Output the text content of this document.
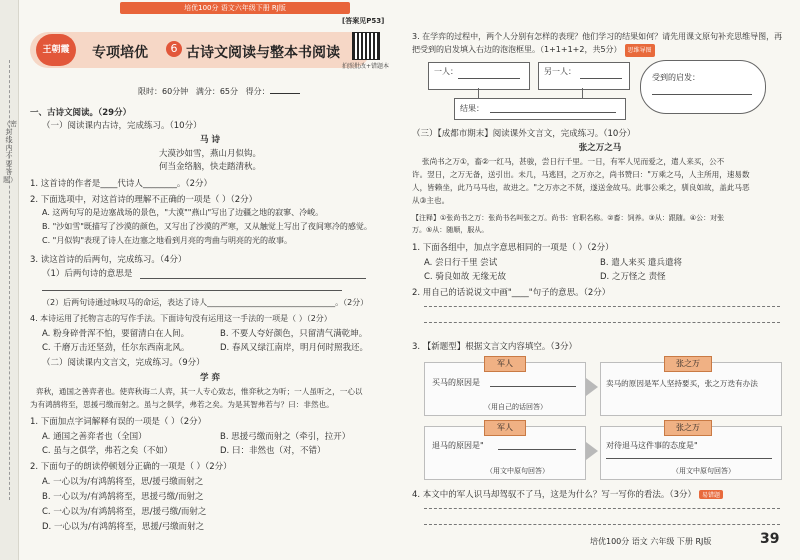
（密封线内不要答题）
培优100分 语文六年级下册 RJ版
[答案见P53]
王朝霞	专项培优	6 古诗文阅读与整本书阅读
拍照批改+错题本
限时：60分钟 满分：65分 得分：
一、古诗文阅读。（29分）
（一）阅读课内古诗，完成练习。（10分）
马 诗
大漠沙如雪，燕山月似钩。
何当金络脑，快走踏清秋。
1. 这首诗的作者是____代诗人________。（2分）
2. 下面选项中，对这首诗的理解不正确的一项是（ ）（2分）
A. 这两句写的是边塞战场的景色，"大漠""燕山"写出了边疆之地的寂寥、冷峻。
B. "沙如雪"既描写了沙漠的颜色，又写出了沙漠的严寒，又从触觉上写出了夜间寒冷的感觉。
C. "月似钩"表现了诗人在边塞之地看到月亮的弯曲与明亮的光的故事。
3. 读这首诗的后两句，完成练习。（4分）
（1）后两句诗的意思是
（2）后两句诗通过咏叹马的命运，表达了诗人________________________________。（2分）
4. 本诗运用了托物言志的写作手法。下面诗句没有运用这一手法的一项是（ ）（2分）
A. 粉身碎骨浑不怕，要留清白在人间。	B. 不要人夸好颜色，只留清气满乾坤。
C. 千磨万击还坚劲，任尔东西南北风。	D. 春风又绿江南岸，明月何时照我还。
（二）阅读课内文言文，完成练习。（9分）
学 弈
弈秋，通国之善弈者也。使弈秋诲二人弈，其一人专心致志，惟弈秋之为听；一人虽听之，一心以
为有鸿鹄将至，思援弓缴而射之。虽与之俱学，弗若之矣。为是其智弗若与？曰：非然也。
1. 下面加点字词解释有误的一项是（ ）（2分）
A. 通国之善弈者也（全国）	B. 思援弓缴而射之（牵引，拉开）
C. 虽与之俱学，弗若之矣（不如）	D. 曰：非然也（对，不错）
2. 下面句子的朗读停顿划分正确的一项是（ ）（2分）
A. 一心以为/有鸿鹄将至，思/援弓缴而射之
B. 一心以为/有鸿鹄将至，思援弓缴/而射之
C. 一心以为/有鸿鹄将至，思/援弓缴/而射之
D. 一心以为/有鸿鹄将至，思援/弓缴而射之
3. 在学弈的过程中，两个人分别有怎样的表现？他们学习的结果如何？请先用课文原句补充思维导图，再把受到的启发填入右边的泡泡框里。（1+1+1+2，共5分） 思维导图
一人：	另一人：
结果：
受到的启发：
（三）【成都市期末】阅读课外文言文，完成练习。（10分）
张之万之马
张尚书之万①，畜②一红马，甚骏，尝日行千里。一日，有军人见而爱之，遣人来买，公不
许。翌日，之万无备，送引出。未几，马逃回，之万亦之，尚书赞曰："万乘之马，人主所用，速易数
人，皆赖坐，此乃马马也，故进之。"之万亦之不贤，遂送金故马。此事公乘之，驯良如故，盖此马恶
从③主也。
【注释】①张尚书之万：张尚书名叫张之万。尚书：官职名称。②畜：饲养。③从：跟随。④公：对张
万。⑤从：随顺，服从。
1. 下面各组中，加点字意思相同的一项是（ ）（2分）
A. 尝日行千里 尝试	B. 遣人来买 遣兵遣将
C. 骑良如故 无缘无故	D. 之万怪之 责怪
2. 用自己的话说说文中画"____"句子的意思。（2分）
3. 【新题型】根据文言文内容填空。（3分）
军人
买马的原因是
（用自己的话回答）
张之万
卖马的原因是军人坚持要买，张之万迭有办法
军人
退马的原因是"
（用文中原句回答）
张之万
对待退马这件事的态度是"
（用文中原句回答）
4. 本文中的军人识马却驾驭不了马，这是为什么？写一写你的看法。（3分） 易错题
培优100分 语文 六年级 下册 RJ版	39
